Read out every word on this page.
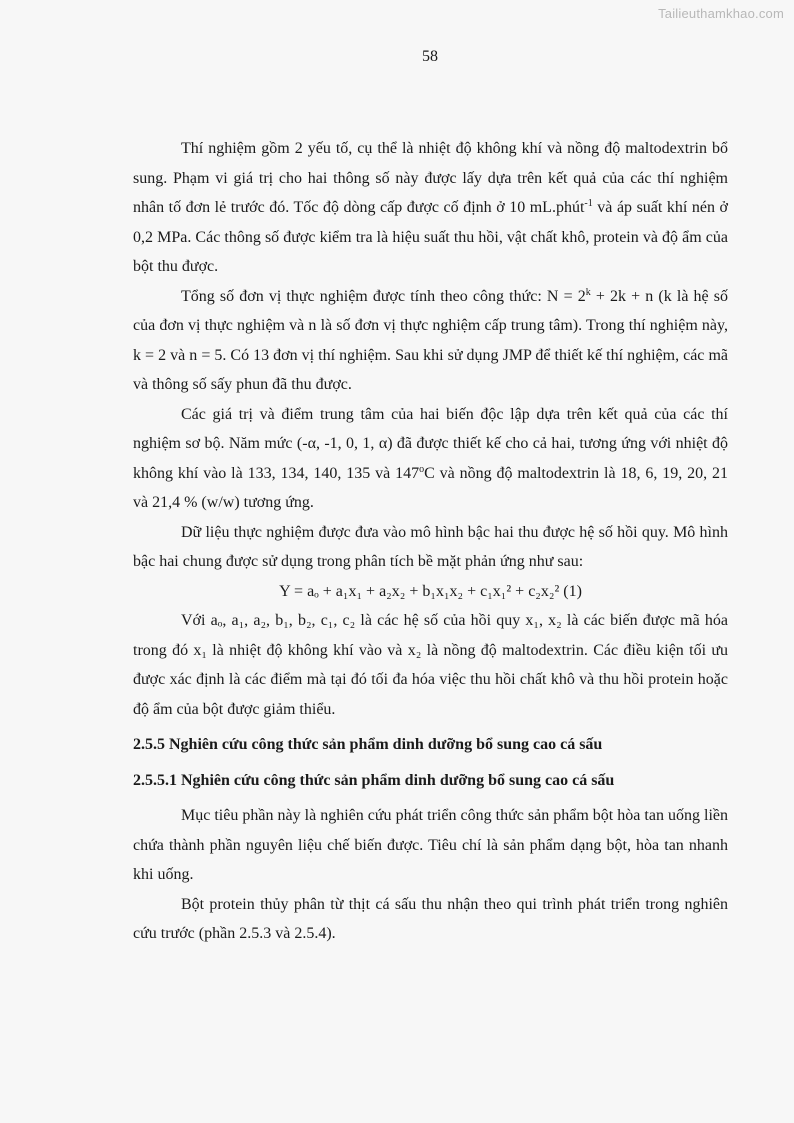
Tailieuthamkhao.com
58

Thí nghiệm gồm 2 yếu tố, cụ thể là nhiệt độ không khí và nồng độ maltodextrin bổ sung. Phạm vi giá trị cho hai thông số này được lấy dựa trên kết quả của các thí nghiệm nhân tố đơn lẻ trước đó. Tốc độ dòng cấp được cố định ở 10 mL.phút$^{-1}$ và áp suất khí nén ở 0,2 MPa. Các thông số được kiểm tra là hiệu suất thu hồi, vật chất khô, protein và độ ẩm của bột thu được.

Tổng số đơn vị thực nghiệm được tính theo công thức: $N = 2^k + 2k + n$ (k là hệ số của đơn vị thực nghiệm và n là số đơn vị thực nghiệm cấp trung tâm). Trong thí nghiệm này, k = 2 và n = 5. Có 13 đơn vị thí nghiệm. Sau khi sử dụng JMP để thiết kế thí nghiệm, các mã và thông số sấy phun đã thu được.

Các giá trị và điểm trung tâm của hai biến độc lập dựa trên kết quả của các thí nghiệm sơ bộ. Năm mức (-α, -1, 0, 1, α) đã được thiết kế cho cả hai, tương ứng với nhiệt độ không khí vào là 133, 134, 140, 135 và 147$^o$C và nồng độ maltodextrin là 18, 6, 19, 20, 21 và 21,4 % (w/w) tương ứng.

Dữ liệu thực nghiệm được đưa vào mô hình bậc hai thu được hệ số hồi quy. Mô hình bậc hai chung được sử dụng trong phân tích bề mặt phản ứng như sau:

Y = aₒ + a₁x₁ + a₂x₂ + b₁x₁x₂ + c₁x₁² + c₂x₂² (1)

Với aₒ, a₁, a₂, b₁, b₂, c₁, c₂ là các hệ số của hồi quy x₁, x₂ là các biến được mã hóa trong đó x₁ là nhiệt độ không khí vào và x₂ là nồng độ maltodextrin. Các điều kiện tối ưu được xác định là các điểm mà tại đó tối đa hóa việc thu hồi chất khô và thu hồi protein hoặc độ ẩm của bột được giảm thiểu.

2.5.5 Nghiên cứu công thức sản phẩm dinh dưỡng bổ sung cao cá sấu
2.5.5.1 Nghiên cứu công thức sản phẩm dinh dưỡng bổ sung cao cá sấu

Mục tiêu phần này là nghiên cứu phát triển công thức sản phẩm bột hòa tan uống liền chứa thành phần nguyên liệu chế biến được. Tiêu chí là sản phẩm dạng bột, hòa tan nhanh khi uống.

Bột protein thủy phân từ thịt cá sấu thu nhận theo qui trình phát triển trong nghiên cứu trước (phần 2.5.3 và 2.5.4).
